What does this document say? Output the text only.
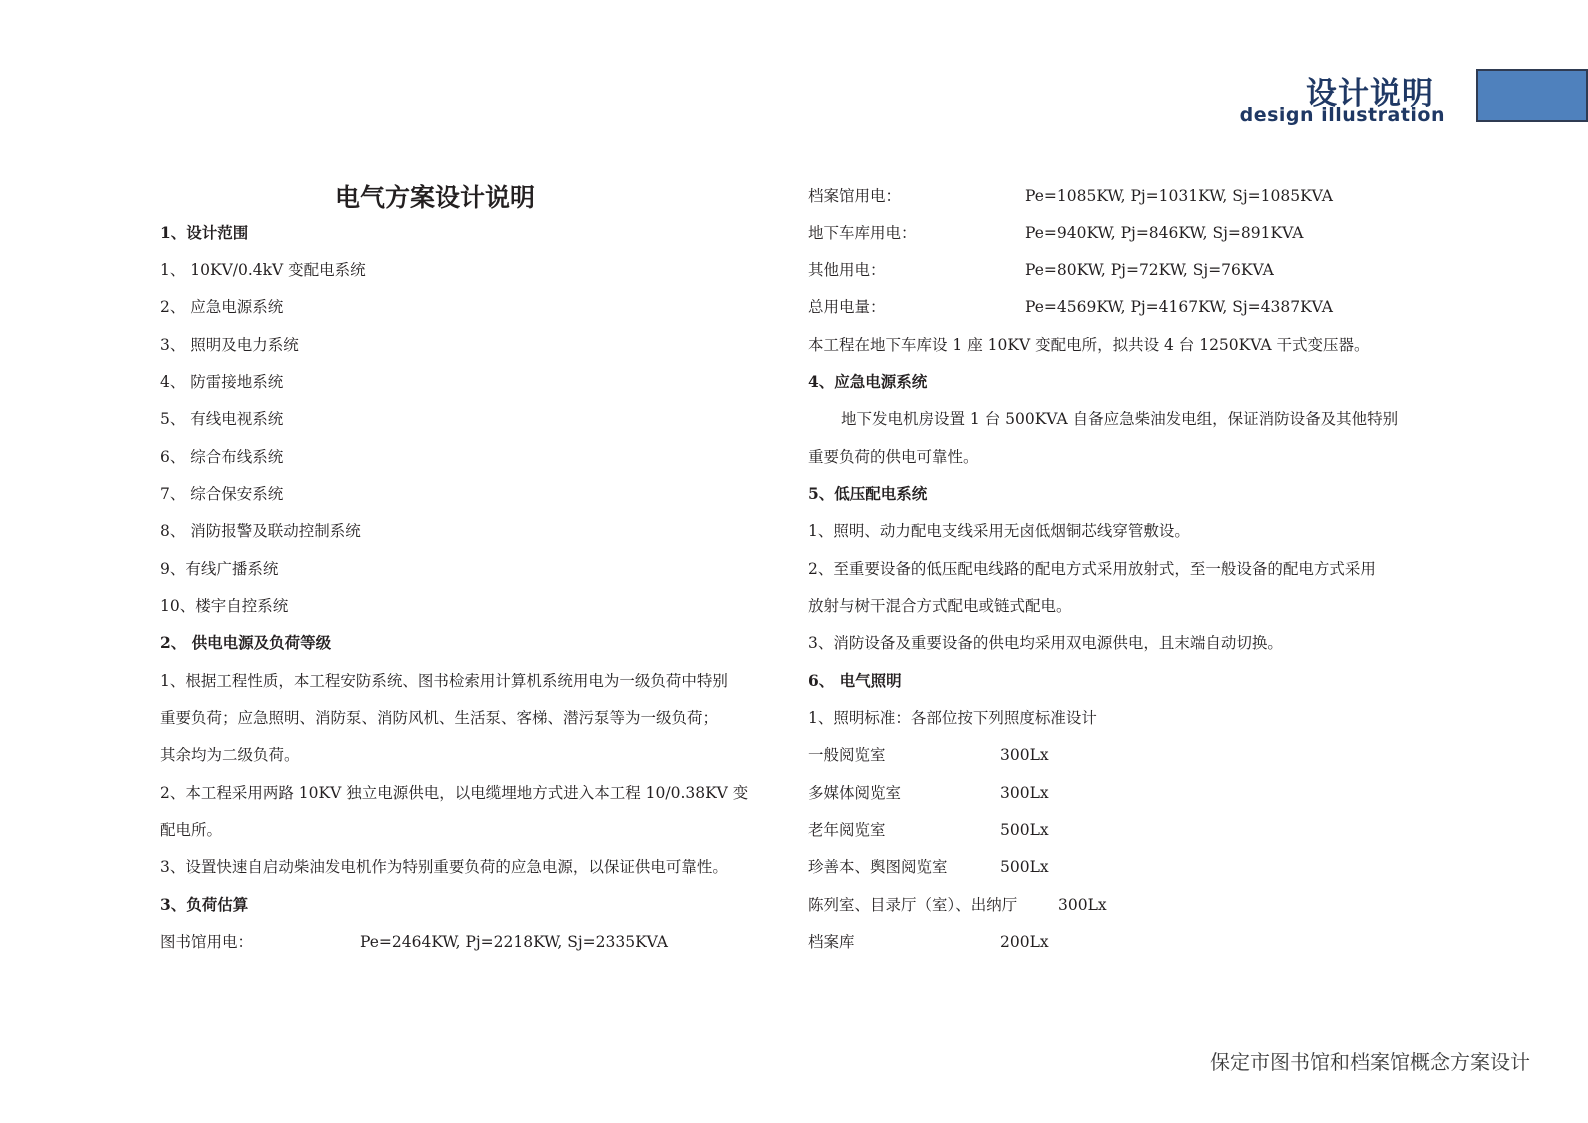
设计说明
design illustration
电气方案设计说明
1、设计范围
1、 10KV/0.4kV 变配电系统
2、 应急电源系统
3、 照明及电力系统
4、 防雷接地系统
5、 有线电视系统
6、 综合布线系统
7、 综合保安系统
8、 消防报警及联动控制系统
9、有线广播系统
10、楼宇自控系统
2、 供电电源及负荷等级
1、根据工程性质，本工程安防系统、图书检索用计算机系统用电为一级负荷中特别
重要负荷；应急照明、消防泵、消防风机、生活泵、客梯、潜污泵等为一级负荷；
其余均为二级负荷。
2、本工程采用两路 10KV 独立电源供电，以电缆埋地方式进入本工程 10/0.38KV 变
配电所。
3、设置快速自启动柴油发电机作为特别重要负荷的应急电源，以保证供电可靠性。
3、负荷估算
图书馆用电：	Pe=2464KW, Pj=2218KW, Sj=2335KVA
档案馆用电：	Pe=1085KW, Pj=1031KW, Sj=1085KVA
地下车库用电：	Pe=940KW, Pj=846KW, Sj=891KVA
其他用电：	Pe=80KW, Pj=72KW, Sj=76KVA
总用电量：	Pe=4569KW, Pj=4167KW, Sj=4387KVA
本工程在地下车库设 1 座 10KV 变配电所，拟共设 4 台 1250KVA 干式变压器。
4、应急电源系统
地下发电机房设置 1 台 500KVA 自备应急柴油发电组，保证消防设备及其他特别
重要负荷的供电可靠性。
5、低压配电系统
1、照明、动力配电支线采用无卤低烟铜芯线穿管敷设。
2、至重要设备的低压配电线路的配电方式采用放射式，至一般设备的配电方式采用
放射与树干混合方式配电或链式配电。
3、消防设备及重要设备的供电均采用双电源供电，且末端自动切换。
6、 电气照明
1、照明标准：各部位按下列照度标准设计
一般阅览室	300Lx
多媒体阅览室	300Lx
老年阅览室	500Lx
珍善本、舆图阅览室	500Lx
陈列室、目录厅（室）、出纳厅	300Lx
档案库	200Lx
保定市图书馆和档案馆概念方案设计
